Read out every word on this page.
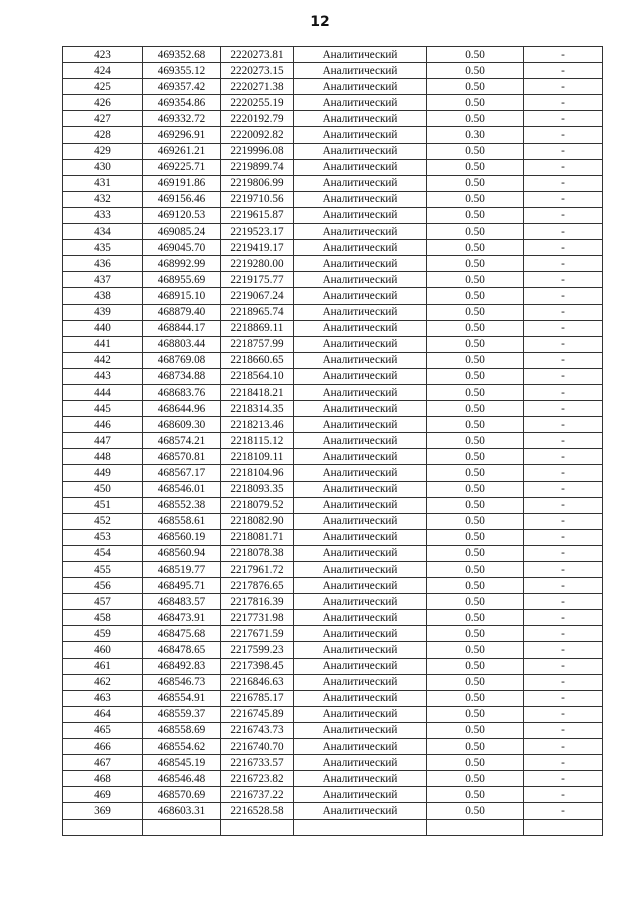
12
423	469352.68	2220273.81	Аналитический	0.50	-
424	469355.12	2220273.15	Аналитический	0.50	-
425	469357.42	2220271.38	Аналитический	0.50	-
426	469354.86	2220255.19	Аналитический	0.50	-
427	469332.72	2220192.79	Аналитический	0.50	-
428	469296.91	2220092.82	Аналитический	0.30	-
429	469261.21	2219996.08	Аналитический	0.50	-
430	469225.71	2219899.74	Аналитический	0.50	-
431	469191.86	2219806.99	Аналитический	0.50	-
432	469156.46	2219710.56	Аналитический	0.50	-
433	469120.53	2219615.87	Аналитический	0.50	-
434	469085.24	2219523.17	Аналитический	0.50	-
435	469045.70	2219419.17	Аналитический	0.50	-
436	468992.99	2219280.00	Аналитический	0.50	-
437	468955.69	2219175.77	Аналитический	0.50	-
438	468915.10	2219067.24	Аналитический	0.50	-
439	468879.40	2218965.74	Аналитический	0.50	-
440	468844.17	2218869.11	Аналитический	0.50	-
441	468803.44	2218757.99	Аналитический	0.50	-
442	468769.08	2218660.65	Аналитический	0.50	-
443	468734.88	2218564.10	Аналитический	0.50	-
444	468683.76	2218418.21	Аналитический	0.50	-
445	468644.96	2218314.35	Аналитический	0.50	-
446	468609.30	2218213.46	Аналитический	0.50	-
447	468574.21	2218115.12	Аналитический	0.50	-
448	468570.81	2218109.11	Аналитический	0.50	-
449	468567.17	2218104.96	Аналитический	0.50	-
450	468546.01	2218093.35	Аналитический	0.50	-
451	468552.38	2218079.52	Аналитический	0.50	-
452	468558.61	2218082.90	Аналитический	0.50	-
453	468560.19	2218081.71	Аналитический	0.50	-
454	468560.94	2218078.38	Аналитический	0.50	-
455	468519.77	2217961.72	Аналитический	0.50	-
456	468495.71	2217876.65	Аналитический	0.50	-
457	468483.57	2217816.39	Аналитический	0.50	-
458	468473.91	2217731.98	Аналитический	0.50	-
459	468475.68	2217671.59	Аналитический	0.50	-
460	468478.65	2217599.23	Аналитический	0.50	-
461	468492.83	2217398.45	Аналитический	0.50	-
462	468546.73	2216846.63	Аналитический	0.50	-
463	468554.91	2216785.17	Аналитический	0.50	-
464	468559.37	2216745.89	Аналитический	0.50	-
465	468558.69	2216743.73	Аналитический	0.50	-
466	468554.62	2216740.70	Аналитический	0.50	-
467	468545.19	2216733.57	Аналитический	0.50	-
468	468546.48	2216723.82	Аналитический	0.50	-
469	468570.69	2216737.22	Аналитический	0.50	-
369	468603.31	2216528.58	Аналитический	0.50	-
